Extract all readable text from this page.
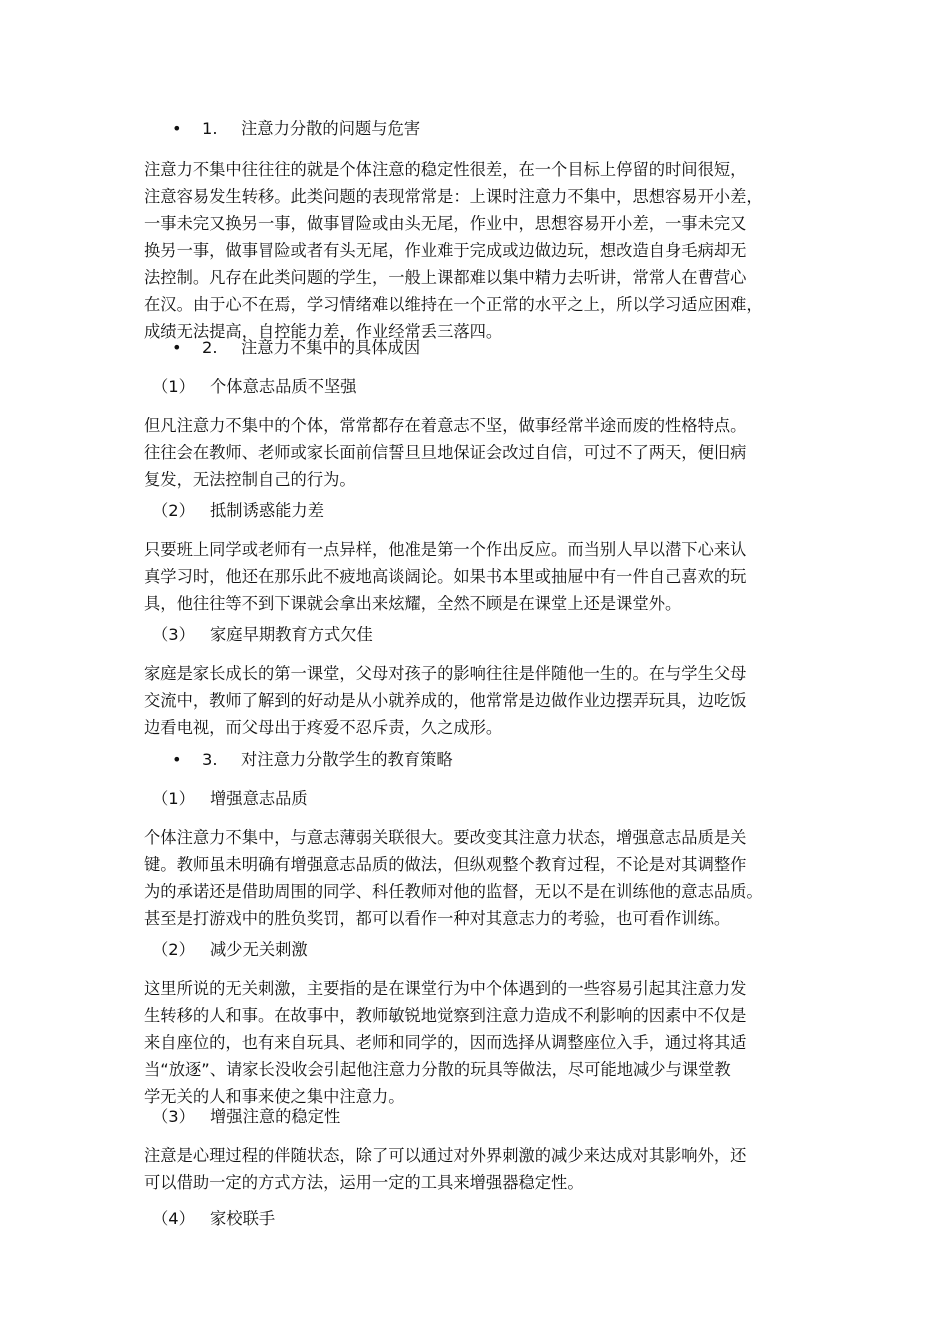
• 1. 注意力分散的问题与危害
注意力不集中往往往的就是个体注意的稳定性很差，在一个目标上停留的时间很短，
注意容易发生转移。此类问题的表现常常是：上课时注意力不集中，思想容易开小差，
一事未完又换另一事，做事冒险或由头无尾，作业中，思想容易开小差，一事未完又
换另一事，做事冒险或者有头无尾，作业难于完成或边做边玩，想改造自身毛病却无
法控制。凡存在此类问题的学生，一般上课都难以集中精力去听讲，常常人在曹营心
在汉。由于心不在焉，学习情绪难以维持在一个正常的水平之上，所以学习适应困难，
成绩无法提高，自控能力差，作业经常丢三落四。
• 2. 注意力不集中的具体成因
（1） 个体意志品质不坚强
但凡注意力不集中的个体，常常都存在着意志不坚，做事经常半途而废的性格特点。
往往会在教师、老师或家长面前信誓旦旦地保证会改过自信，可过不了两天，便旧病
复发，无法控制自己的行为。
（2） 抵制诱惑能力差
只要班上同学或老师有一点异样，他准是第一个作出反应。而当别人早以潜下心来认
真学习时，他还在那乐此不疲地高谈阔论。如果书本里或抽屉中有一件自己喜欢的玩
具，他往往等不到下课就会拿出来炫耀，全然不顾是在课堂上还是课堂外。
（3） 家庭早期教育方式欠佳
家庭是家长成长的第一课堂，父母对孩子的影响往往是伴随他一生的。在与学生父母
交流中，教师了解到的好动是从小就养成的，他常常是边做作业边摆弄玩具，边吃饭
边看电视，而父母出于疼爱不忍斥责，久之成形。
• 3. 对注意力分散学生的教育策略
（1） 增强意志品质
个体注意力不集中，与意志薄弱关联很大。要改变其注意力状态，增强意志品质是关
键。教师虽未明确有增强意志品质的做法，但纵观整个教育过程，不论是对其调整作
为的承诺还是借助周围的同学、科任教师对他的监督，无以不是在训练他的意志品质。
甚至是打游戏中的胜负奖罚，都可以看作一种对其意志力的考验，也可看作训练。
（2） 减少无关刺激
这里所说的无关刺激，主要指的是在课堂行为中个体遇到的一些容易引起其注意力发
生转移的人和事。在故事中，教师敏锐地觉察到注意力造成不利影响的因素中不仅是
来自座位的，也有来自玩具、老师和同学的，因而选择从调整座位入手，通过将其适
当“放逐”、请家长没收会引起他注意力分散的玩具等做法，尽可能地减少与课堂教
学无关的人和事来使之集中注意力。
（3） 增强注意的稳定性
注意是心理过程的伴随状态，除了可以通过对外界刺激的减少来达成对其影响外，还
可以借助一定的方式方法，运用一定的工具来增强器稳定性。
（4） 家校联手
